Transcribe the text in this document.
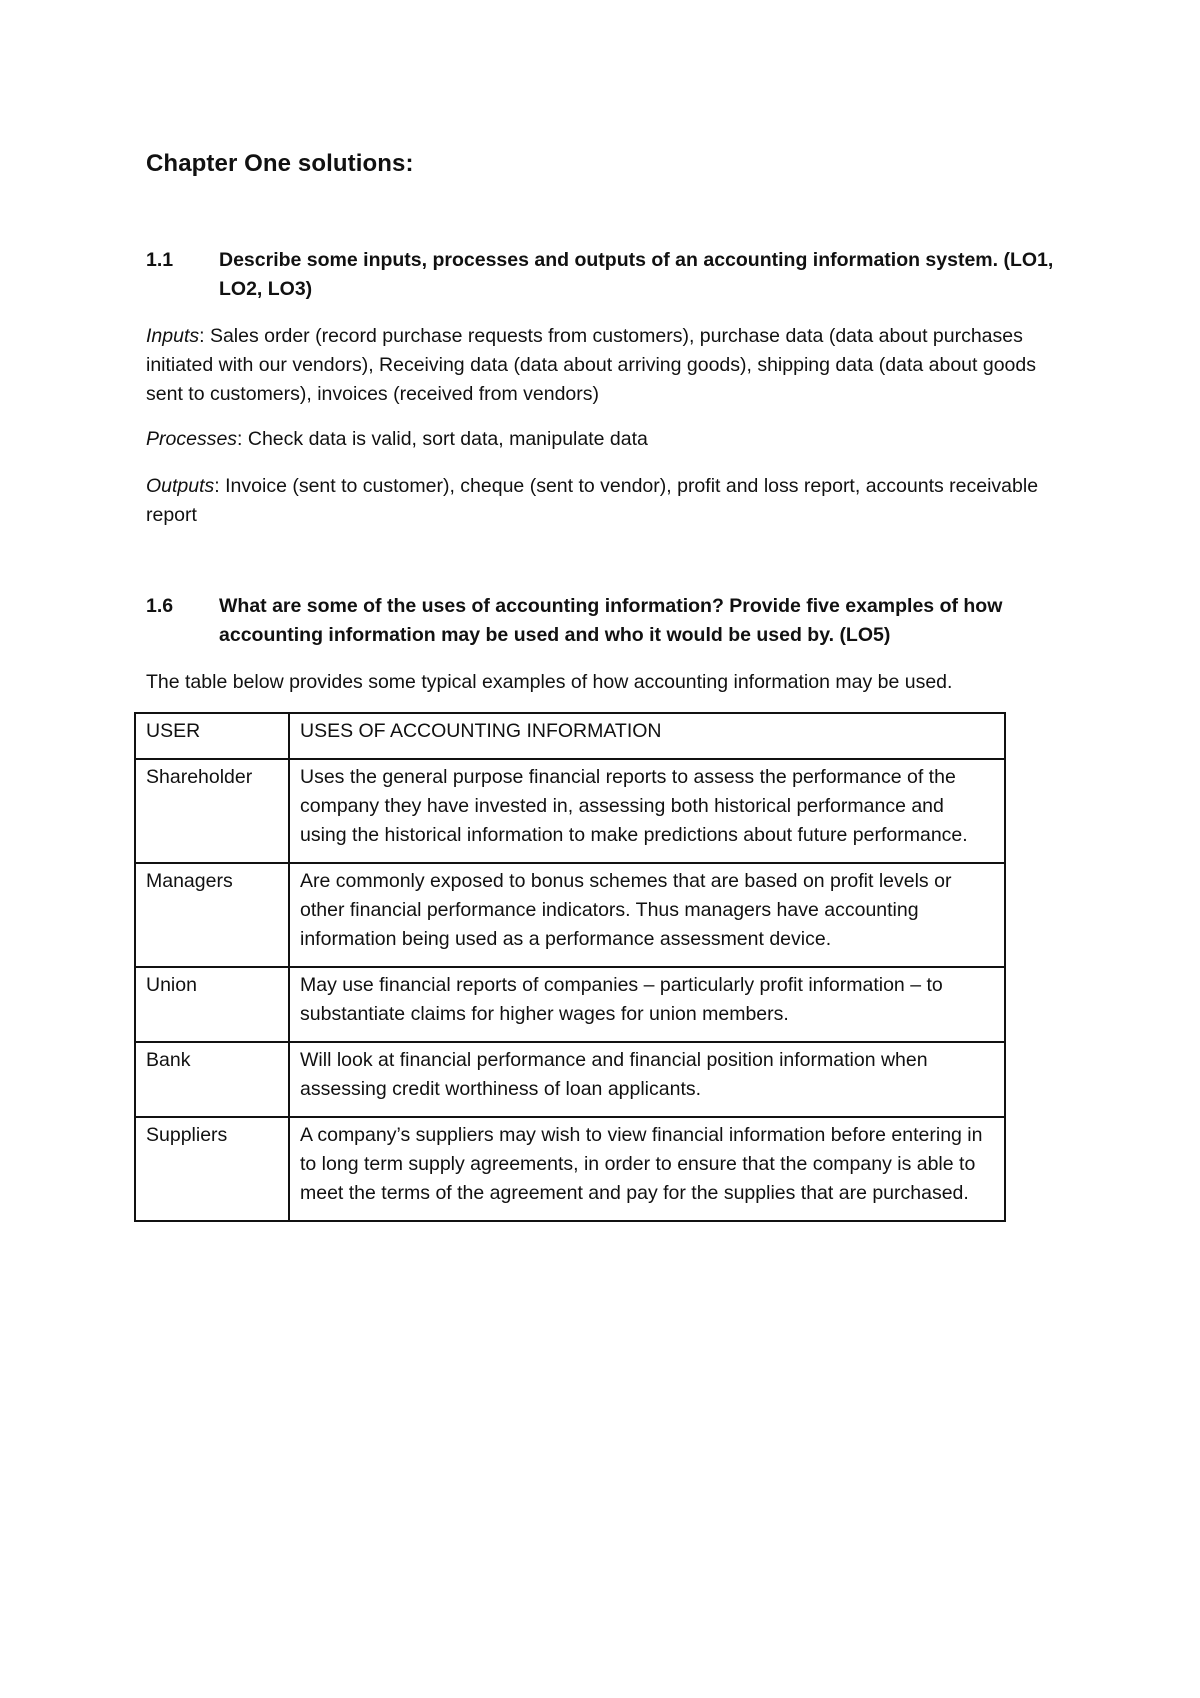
Chapter One solutions:
1.1 Describe some inputs, processes and outputs of an accounting information system. (LO1, LO2, LO3)
Inputs: Sales order (record purchase requests from customers), purchase data (data about purchases initiated with our vendors), Receiving data (data about arriving goods), shipping data (data about goods sent to customers), invoices (received from vendors)
Processes: Check data is valid, sort data, manipulate data
Outputs: Invoice (sent to customer), cheque (sent to vendor), profit and loss report, accounts receivable report
1.6 What are some of the uses of accounting information? Provide five examples of how accounting information may be used and who it would be used by. (LO5)
The table below provides some typical examples of how accounting information may be used.
USER	USES OF ACCOUNTING INFORMATION
Shareholder	Uses the general purpose financial reports to assess the performance of the company they have invested in, assessing both historical performance and using the historical information to make predictions about future performance.
Managers	Are commonly exposed to bonus schemes that are based on profit levels or other financial performance indicators. Thus managers have accounting information being used as a performance assessment device.
Union	May use financial reports of companies – particularly profit information – to substantiate claims for higher wages for union members.
Bank	Will look at financial performance and financial position information when assessing credit worthiness of loan applicants.
Suppliers	A company’s suppliers may wish to view financial information before entering in to long term supply agreements, in order to ensure that the company is able to meet the terms of the agreement and pay for the supplies that are purchased.
